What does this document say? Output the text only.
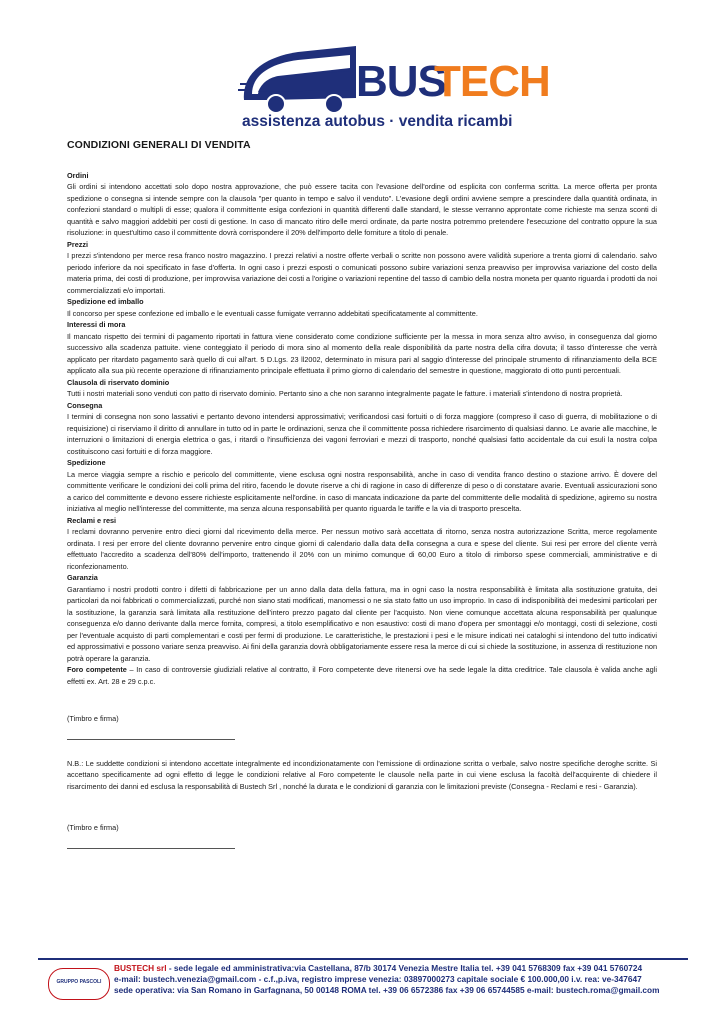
BUS
TECH
assistenza autobus · vendita ricambi
CONDIZIONI GENERALI DI VENDITA
Ordini
Gli ordini si intendono accettati solo dopo nostra approvazione, che può essere tacita con l'evasione dell'ordine od esplicita con conferma scritta. La merce offerta per pronta spedizione o consegna si intende sempre con la clausola "per quanto in tempo e salvo il venduto". L'evasione degli ordini avviene sempre a prescindere dalla quantità ordinata, in confezioni standard o multipli di esse; qualora il committente esiga confezioni in quantità differenti dalle standard, le stesse verranno approntate come richieste ma senza sconti di quantità e salvo maggiori addebiti per costi di gestione. In caso di mancato ritiro delle merci ordinate, da parte nostra potremmo pretendere l'esecuzione del contratto oppure la sua risoluzione: in quest'ultimo caso il committente dovrà corrispondere il 20% dell'importo delle forniture a titolo di penale.
Prezzi
I prezzi s'intendono per merce resa franco nostro magazzino. I prezzi relativi a nostre offerte verbali o scritte non possono avere validità superiore a trenta giorni di calendario. salvo periodo inferiore da noi specificato in fase d'offerta. In ogni caso i prezzi esposti o comunicati possono subire variazioni senza preavviso per improvvisa variazione del costo della materia prima, dei costi di produzione, per improvvisa variazione dei costi a l'origine o variazioni repentine del tasso di cambio della nostra moneta per quanto riguarda i prodotti da noi commercializzati e/o importati.
Spedizione ed imballo
Il concorso per spese confezione ed imballo e le eventuali casse fumigate verranno addebitati specificatamente al committente.
Interessi di mora
Il mancato rispetto dei termini di pagamento riportati in fattura viene considerato come condizione sufficiente per la messa in mora senza altro avviso, in conseguenza dal giorno successivo alla scadenza pattuite. viene conteggiato il periodo di mora sino al momento della reale disponibilità da parte nostra della cifra dovuta; il tasso d'interesse che verrà applicato per ritardato pagamento sarà quello di cui all'art. 5 D.Lgs. 23 ll2002, determinato in misura pari al saggio d'interesse del principale strumento di rifinanziamento della BCE applicato alla sua più recente operazione di rifinanziamento principale effettuata il primo giorno di calendario del semestre in questione, maggiorato di otto punti percentuali.
Clausola di riservato dominio
Tutti i nostri materiali sono venduti con patto di riservato dominio. Pertanto sino a che non saranno integralmente pagate le fatture. i materiali s'intendono di nostra proprietà.
Consegna
I termini di consegna non sono lassativi e pertanto devono intendersi approssimativi; verificandosi casi fortuiti o di forza maggiore (compreso il caso di guerra, di mobilitazione o di requisizione) ci riserviamo il diritto di annullare in tutto od in parte le ordinazioni, senza che il committente possa richiedere risarcimento di qualsiasi danno. Le avarie alle macchine, le interruzioni o limitazioni di energia elettrica o gas, i ritardi o l'insufficienza dei vagoni ferroviari e mezzi di trasporto, nonché qualsiasi fatto accidentale da cui esuli la nostra colpa costituiscono casi fortuiti e di forza maggiore.
Spedizione
La merce viaggia sempre a rischio e pericolo del committente, viene esclusa ogni nostra responsabilità, anche in caso di vendita franco destino o stazione arrivo. È dovere del committente verificare le condizioni dei colli prima del ritiro, facendo le dovute riserve a chi di ragione in caso di differenze di peso o di constatare avarie. Eventuali assicurazioni sono a carico del committente e devono essere richieste esplicitamente nell'ordine. in caso di mancata indicazione da parte del committente delle modalità di spedizione, agiremo su nostra iniziativa al meglio nell'interesse del committente, ma senza alcuna responsabilità per quanto riguarda le tariffe e la via di trasporto prescelta.
Reclami e resi
I reclami dovranno pervenire entro dieci giorni dal ricevimento della merce. Per nessun motivo sarà accettata di ritorno, senza nostra autorizzazione Scritta, merce regolamente ordinata. I resi per errore del cliente dovranno pervenire entro cinque giorni di calendario dalla data della consegna a cura e spese del cliente. Sui resi per errore del cliente verrà effettuato l'accredito a scadenza dell'80% dell'importo, trattenendo il 20% con un minimo comunque di 60,00 Euro a titolo di rimborso spese commerciali, amministrative e di riconfezionamento.
Garanzia
Garantiamo i nostri prodotti contro i difetti di fabbricazione per un anno dalla data della fattura, ma in ogni caso la nostra responsabilità è limitata alla sostituzione gratuita, dei particolari da noi fabbricati o commercializzati, purché non siano stati modificati, manomessi o ne sia stato fatto un uso improprio. In caso di indisponibilità dei medesimi particolari per la sostituzione, la garanzia sarà limitata alla restituzione dell'intero prezzo pagato dal cliente per l'acquisto. Non viene comunque accettata alcuna responsabilità per qualunque conseguenza e/o danno derivante dalla merce fornita, compresi, a titolo esemplificativo e non esaustivo: costi di mano d'opera per smontaggi e/o montaggi, costi di selezione, costi per l'eventuale acquisto di parti complementari e costi per fermi di produzione. Le caratteristiche, le prestazioni i pesi e le misure indicati nei cataloghi si intendono del tutto indicativi ed approssimativi e possono variare senza preavviso. Ai fini della garanzia dovrà obbligatoriamente essere resa la merce di cui si chiede la sostituzione, in assenza di restituzione non potrà operare la garanzia.
Foro competente – In caso di controversie giudiziali relative al contratto, il Foro competente deve ritenersi ove ha sede legale la ditta creditrice. Tale clausola è valida anche agli effetti ex. Art. 28 e 29 c.p.c.
(Timbro e firma)
N.B.: Le suddette condizioni si intendono accettate integralmente ed incondizionatamente con l'emissione di ordinazione scritta o verbale, salvo nostre specifiche deroghe scritte. Si accettano specificamente ad ogni effetto di legge le condizioni relative al Foro competente le clausole nella parte in cui viene esclusa la facoltà dell'acquirente di chiedere il risarcimento dei danni ed esclusa la responsabilità di Bustech Srl , nonché la durata e le condizioni di garanzia con le limitazioni previste (Consegna - Reclami e resi - Garanzia).
(Timbro e firma)
GRUPPO PASCOLI
BUSTECH srl - sede legale ed amministrativa:via Castellana, 87/b 30174 Venezia Mestre Italia tel. +39 041 5768309 fax +39 041 5760724
e-mail: bustech.venezia@gmail.com - c.f.,p.iva, registro imprese venezia: 03897000273 capitale sociale € 100.000,00 i.v. rea: ve-347647
sede operativa: via San Romano in Garfagnana, 50 00148 ROMA tel. +39 06 6572386 fax +39 06 65744585 e-mail: bustech.roma@gmail.com
